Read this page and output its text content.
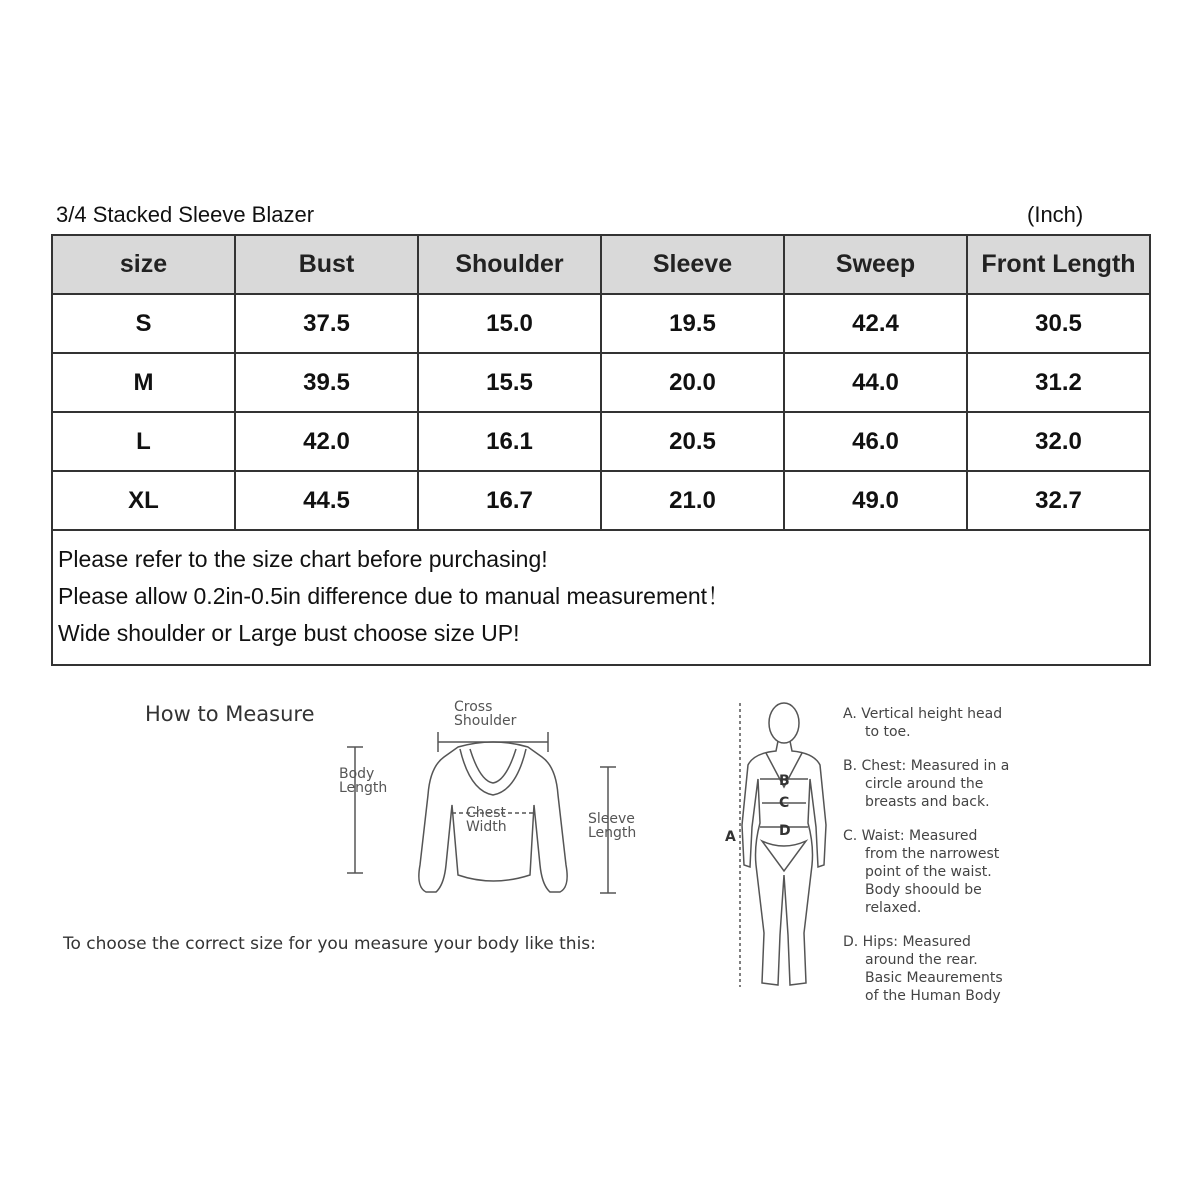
3/4 Stacked Sleeve Blazer	(Inch)
size	Bust	Shoulder	Sleeve	Sweep	Front Length
S	37.5	15.0	19.5	42.4	30.5
M	39.5	15.5	20.0	44.0	31.2
L	42.0	16.1	20.5	46.0	32.0
XL	44.5	16.7	21.0	49.0	32.7

Please refer to the size chart before purchasing!
Please allow 0.2in-0.5in difference due to manual measurement！
Wide shoulder or Large bust choose size UP!					
How to Measure
To choose the correct size for you measure your body like this:
Cross
Shoulder
Body
Length
Chest
Width	Sleeve
Length	A
B
C
D

A. Vertical height head
to toe.

B. Chest: Measured in a
circle around the
breasts and back.

C. Waist: Measured
from the narrowest
point of the waist.
Body shoould be
relaxed.

D. Hips: Measured
around the rear.
Basic Meaurements
of the Human Body
